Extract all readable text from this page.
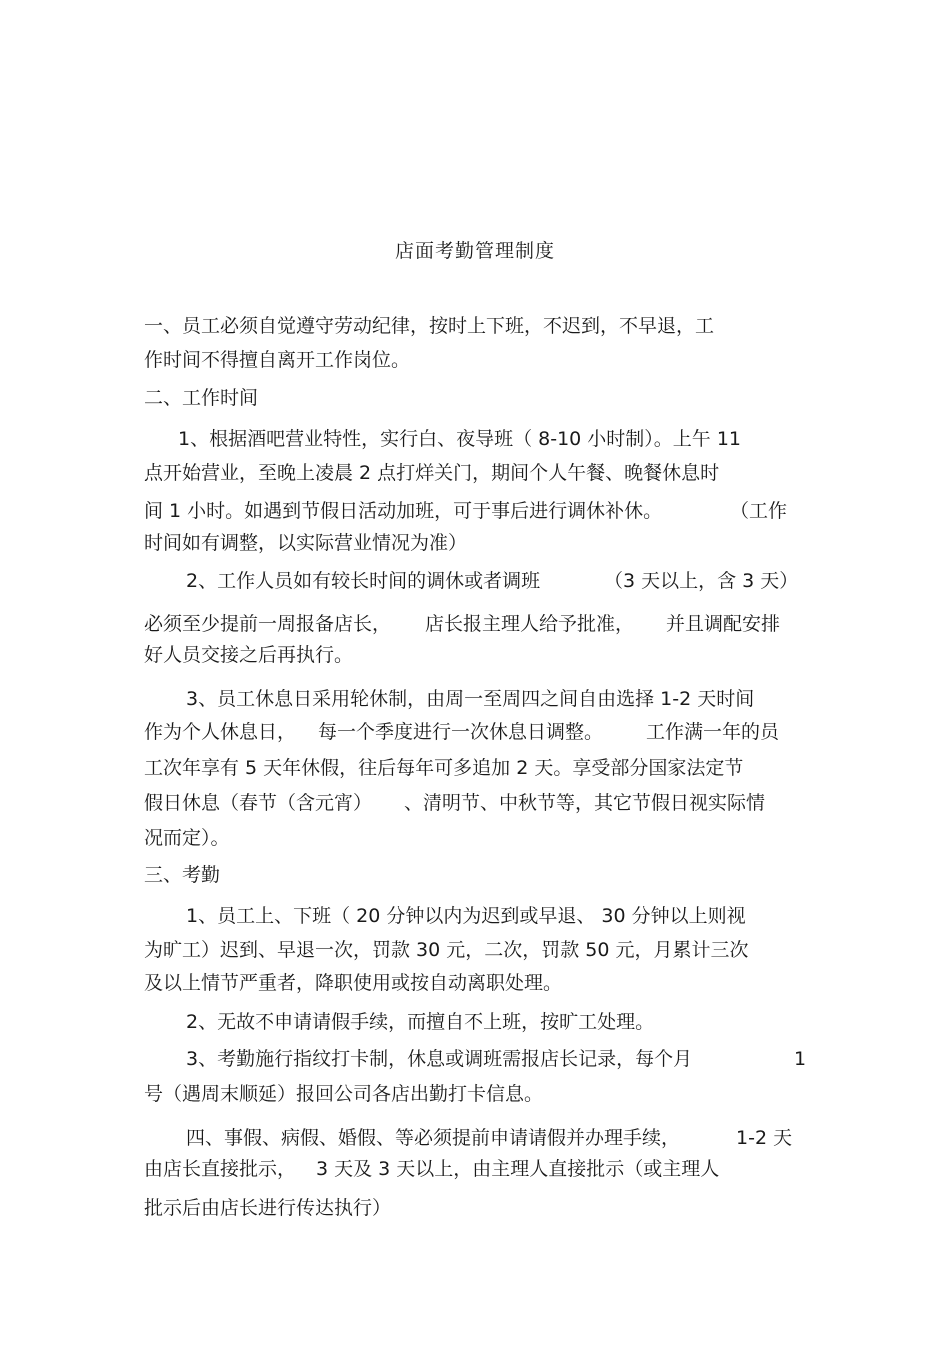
店面考勤管理制度
一、员工必须自觉遵守劳动纪律，按时上下班，不迟到，不早退，工
作时间不得擅自离开工作岗位。
二、工作时间
1、根据酒吧营业特性，实行白、夜导班（ 8-10 小时制）。上午 11
点开始营业，至晚上凌晨 2 点打烊关门，期间个人午餐、晚餐休息时
间 1 小时。如遇到节假日活动加班，可于事后进行调休补休。	（工作
时间如有调整，以实际营业情况为准）
2、工作人员如有较长时间的调休或者调班	（3 天以上，含 3 天）
必须至少提前一周报备店长， 店长报主理人给予批准， 并且调配安排
好人员交接之后再执行。
3、员工休息日采用轮休制，由周一至周四之间自由选择 1-2 天时间
作为个人休息日， 每一个季度进行一次休息日调整。 工作满一年的员
工次年享有 5 天年休假，往后每年可多追加 2 天。享受部分国家法定节
假日休息（春节（含元宵） 、清明节、中秋节等，其它节假日视实际情
况而定）。
三、考勤
1、员工上、下班（ 20 分钟以内为迟到或早退、 30 分钟以上则视
为旷工）迟到、早退一次，罚款 30 元，二次，罚款 50 元，月累计三次
及以上情节严重者，降职使用或按自动离职处理。
2、无故不申请请假手续，而擅自不上班，按旷工处理。
3、考勤施行指纹打卡制，休息或调班需报店长记录，每个月	1
号（遇周末顺延）报回公司各店出勤打卡信息。
四、事假、病假、婚假、等必须提前申请请假并办理手续，	1-2 天
由店长直接批示， 3 天及 3 天以上，由主理人直接批示（或主理人
批示后由店长进行传达执行）
